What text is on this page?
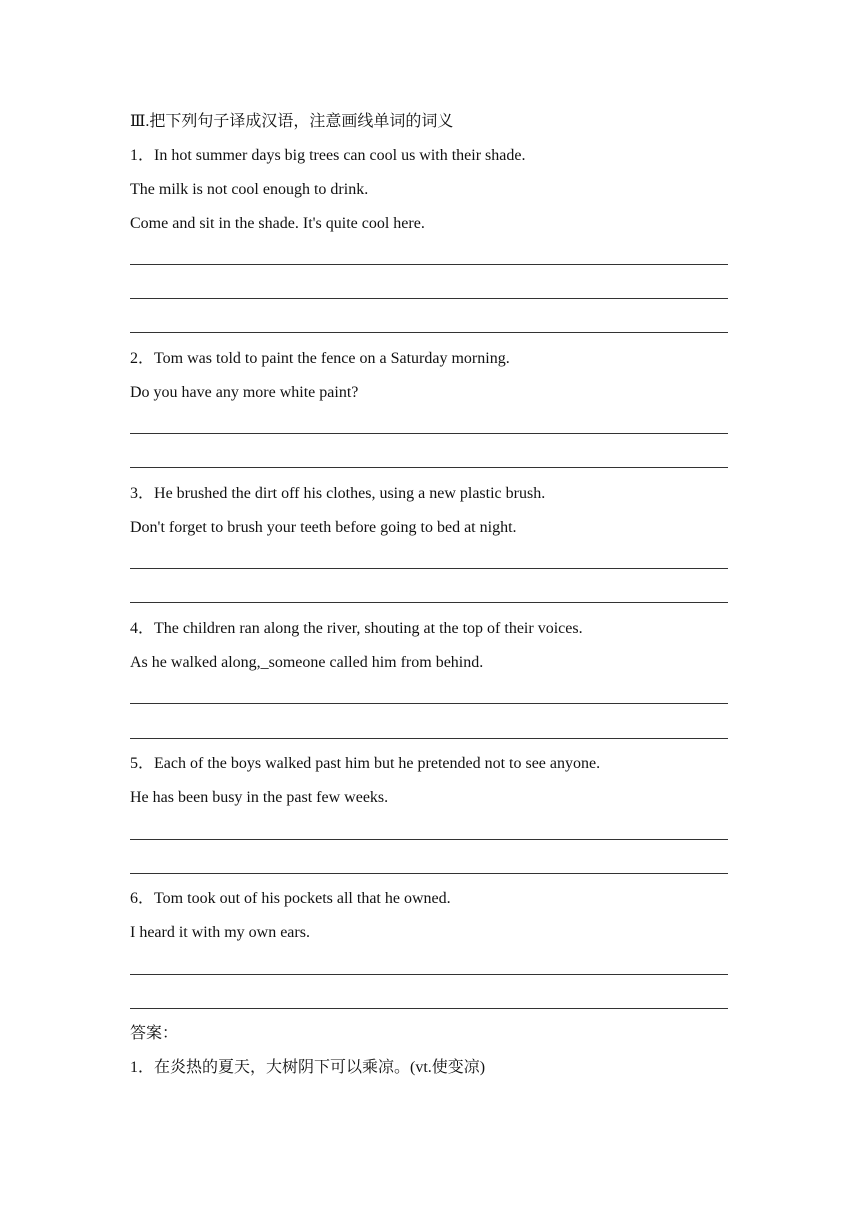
Ⅲ.把下列句子译成汉语，注意画线单词的词义
1．In hot summer days big trees can cool us with their shade.
The milk is not cool enough to drink.
Come and sit in the shade. It's quite cool here.
2．Tom was told to paint the fence on a Saturday morning.
Do you have any more white paint?
3．He brushed the dirt off his clothes, using a new plastic brush.
Don't forget to brush your teeth before going to bed at night.
4．The children ran along the river, shouting at the top of their voices.
As he walked along,_someone called him from behind.
5．Each of the boys walked past him but he pretended not to see anyone.
He has been busy in the past few weeks.
6．Tom took out of his pockets all that he owned.
I heard it with my own ears.
答案：
1．在炎热的夏天，大树阴下可以乘凉。(vt.使变凉)
